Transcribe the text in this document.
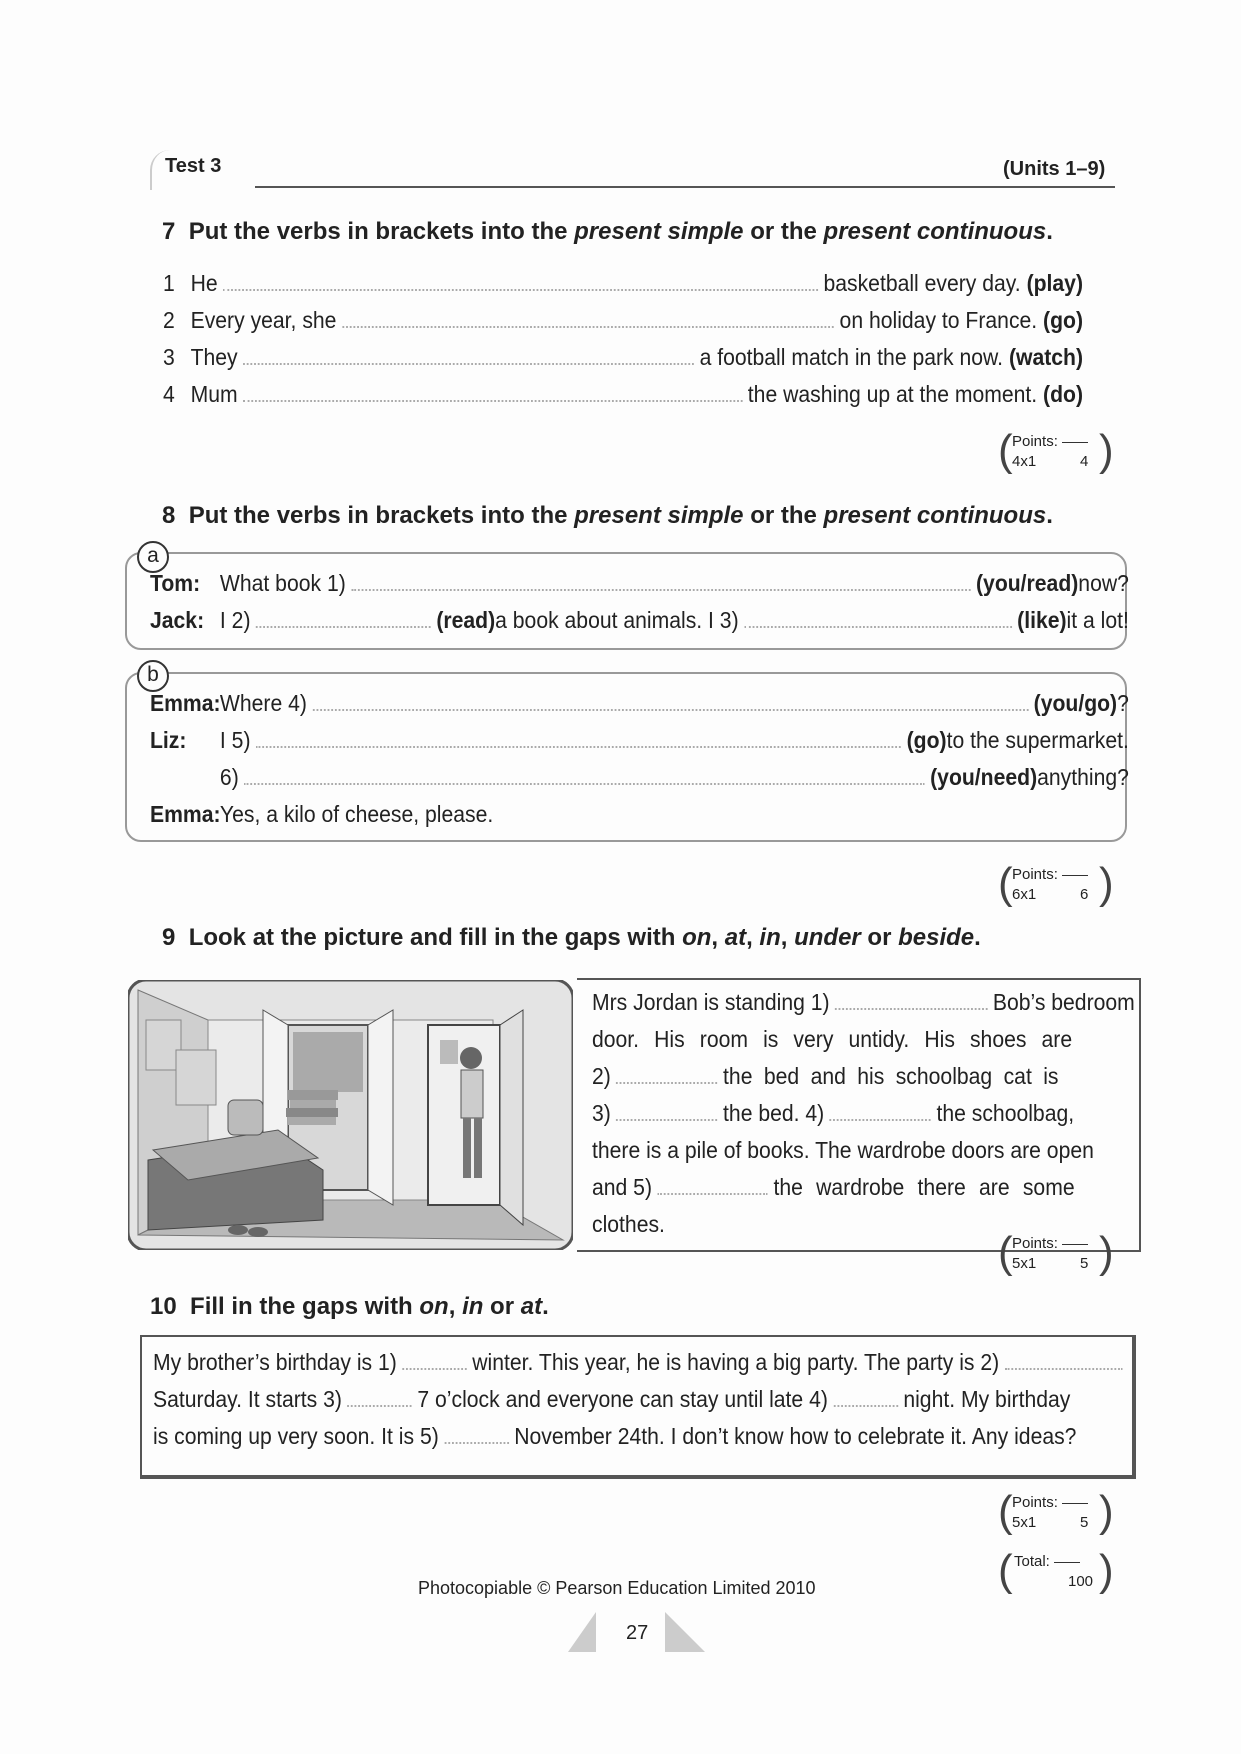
Test 3	(Units 1–9)
7 Put the verbs in brackets into the present simple or the present continuous.
1 He	basketball every day.
(play)
2 Every year, she	on holiday to France.
(go)
3 They	a football match in the park now.
(watch)
4 Mum	the washing up at the moment.
(do)
( Points:
4x1	4 )
8 Put the verbs in brackets into the present simple or the present continuous.
a
Tom: What book 1)	(you/read) now?
Jack: I 2)	(read) a book about animals. I 3)	(like) it a lot!
b
Emma: Where 4)	(you/go) ?
Liz:	I 5)	(go) to the supermarket.
6)	(you/need) anything?
Emma: Yes, a kilo of cheese, please.
( Points:
6x1	6 )
9 Look at the picture and fill in the gaps with on, at, in, under or beside.
Mrs Jordan is standing 1)	Bob’s bedroom
door. His room is very untidy. His shoes are
2)	the bed and his schoolbag cat is
3)	the bed. 4)	the schoolbag,
there is a pile of books. The wardrobe doors are open
and 5)	the wardrobe there are some
clothes.
( Points:
5x1	5 )
10 Fill in the gaps with on, in or at.
My brother’s birthday is 1)	winter. This year, he is having a big party. The party is 2)
Saturday. It starts 3)	7 o’clock and everyone can stay until late 4)	night. My birthday
is coming up very soon. It is 5)	November 24th. I don’t know how to celebrate it. Any ideas?
( Points:
5x1	5 )
( Total:
100 )
Photocopiable © Pearson Education Limited 2010
27
